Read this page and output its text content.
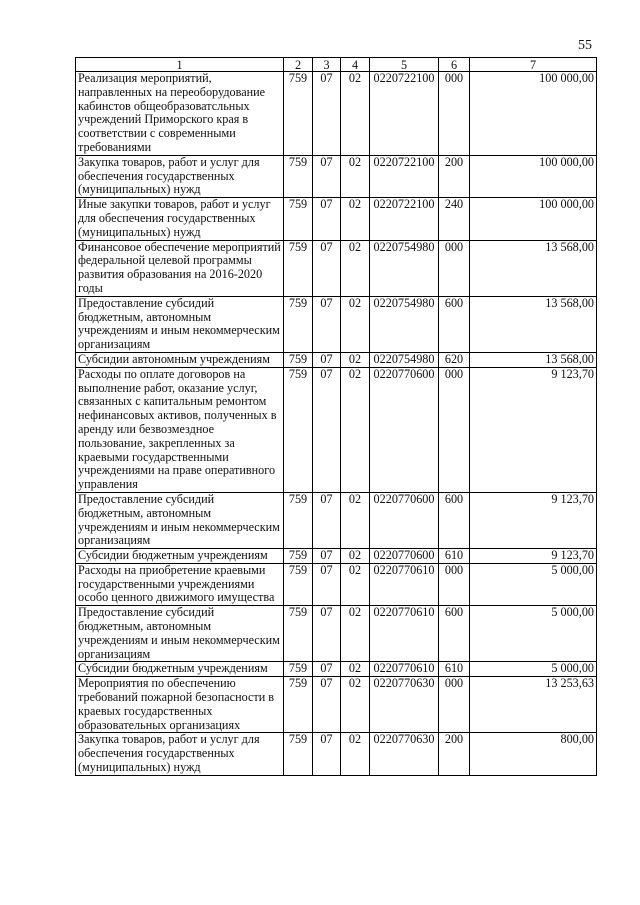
55
1	2	3	4	5	6	7
Реализация мероприятий, направленных на переоборудование кабинстов общеобразоватсльных учреждений Приморского края в соответствии с современными требованиями	759	07	02	0220722100	000	100 000,00
Закупка товаров, работ и услуг для обеспечения государственных (муниципальных) нужд	759	07	02	0220722100	200	100 000,00
Иные закупки товаров, работ и услуг для обеспечения государственных (муниципальных) нужд	759	07	02	0220722100	240	100 000,00
Финансовое обеспечение мероприятий федеральной целевой программы развития образования на 2016-2020 годы	759	07	02	0220754980	000	13 568,00
Предоставление субсидий бюджетным, автономным учреждениям и иным некоммерческим организациям	759	07	02	0220754980	600	13 568,00
Субсидии автономным учреждениям	759	07	02	0220754980	620	13 568,00
Расходы по оплате договоров на выполнение работ, оказание услуг, связанных с капитальным ремонтом нефинансовых активов, полученных в аренду или безвозмездное пользование, закрепленных за краевыми государственными учреждениями на праве оперативного управления	759	07	02	0220770600	000	9 123,70
Предоставление субсидий бюджетным, автономным учреждениям и иным некоммерческим организациям	759	07	02	0220770600	600	9 123,70
Субсидии бюджетным учреждениям	759	07	02	0220770600	610	9 123,70
Расходы на приобретение краевыми государственными учреждениями особо ценного движимого имущества	759	07	02	0220770610	000	5 000,00
Предоставление субсидий бюджетным, автономным учреждениям и иным некоммерческим организациям	759	07	02	0220770610	600	5 000,00
Субсидии бюджетным учреждениям	759	07	02	0220770610	610	5 000,00
Мероприятия по обеспечению требований пожарной безопасности в краевых государственных образовательных организациях	759	07	02	0220770630	000	13 253,63
Закупка товаров, работ и услуг для обеспечения государственных (муниципальных) нужд	759	07	02	0220770630	200	800,00
